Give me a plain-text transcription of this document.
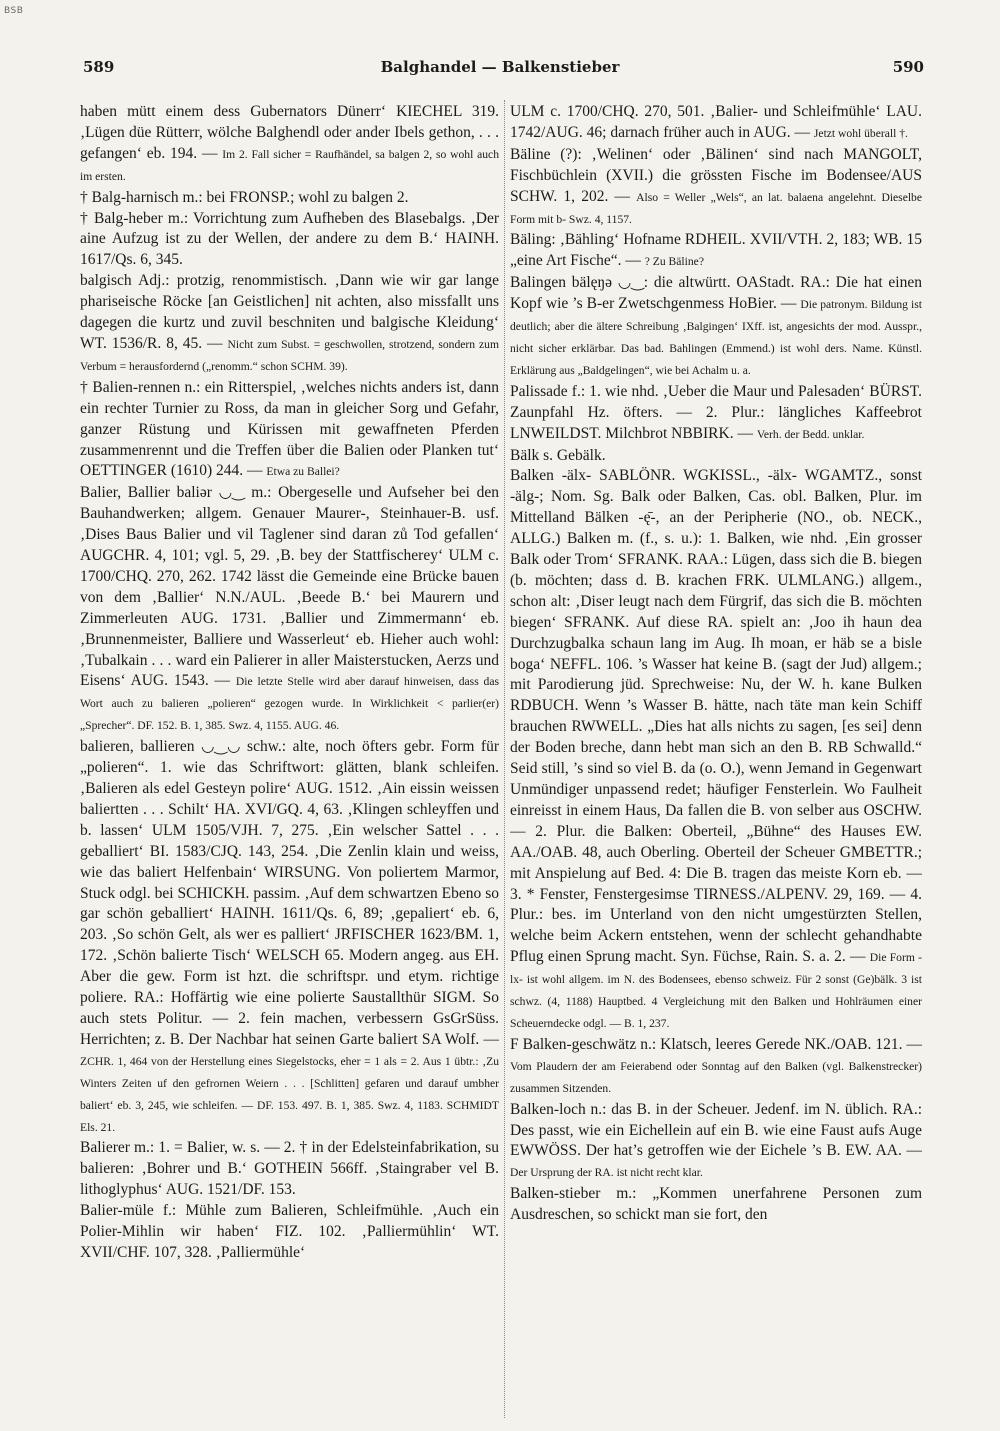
BSB
589	Balghandel — Balkenstieber	590

haben mütt einem dess Gubernators Dünerr‘ KIECHEL 319. ‚Lügen düe Rütterr, wölche Balghendl oder ander Ibels gethon, . . . gefangen‘ eb. 194. — Im 2. Fall sicher = Raufhändel, sa balgen 2, so wohl auch im ersten.

† Balg-harnisch m.: bei FRONSP.; wohl zu balgen 2.

† Balg-heber m.: Vorrichtung zum Aufheben des Blasebalgs. ‚Der aine Aufzug ist zu der Wellen, der andere zu dem B.‘ HAINH. 1617/Qs. 6, 345.

balgisch Adj.: protzig, renommistisch. ‚Dann wie wir gar lange phariseische Röcke [an Geistlichen] nit achten, also missfallt uns dagegen die kurtz und zuvil beschniten und balgische Kleidung‘ WT. 1536/R. 8, 45. — Nicht zum Subst. = geschwollen, strotzend, sondern zum Verbum = herausfordernd („renomm.“ schon SCHM. 39).

† Balien-rennen n.: ein Ritterspiel, ‚welches nichts anders ist, dann ein rechter Turnier zu Ross, da man in gleicher Sorg und Gefahr, ganzer Rüstung und Kürissen mit gewaffneten Pferden zusammenrennt und die Treffen über die Balien oder Planken tut‘ OETTINGER (1610) 244. — Etwa zu Ballei?

Balier, Ballier baliər ◡‿ m.: Obergeselle und Aufseher bei den Bauhandwerken; allgem. Genauer Maurer-, Steinhauer-B. usf. ‚Dises Baus Balier und vil Taglener sind daran zů Tod gefallen‘ AUGCHR. 4, 101; vgl. 5, 29. ‚B. bey der Stattfischerey‘ ULM c. 1700/CHQ. 270, 262. 1742 lässt die Gemeinde eine Brücke bauen von dem ‚Ballier‘ N.N./AUL. ‚Beede B.‘ bei Maurern und Zimmerleuten AUG. 1731. ‚Ballier und Zimmermann‘ eb. ‚Brunnenmeister, Balliere und Wasserleut‘ eb. Hieher auch wohl: ‚Tubalkain . . . ward ein Palierer in aller Maisterstucken, Aerzs und Eisens‘ AUG. 1543. — Die letzte Stelle wird aber darauf hinweisen, dass das Wort auch zu balieren „polieren“ gezogen wurde. In Wirklichkeit < parlier(er) „Sprecher“. DF. 152. B. 1, 385. Swz. 4, 1155. AUG. 46.

balieren, ballieren ◡‿◡ schw.: alte, noch öfters gebr. Form für „polieren“. 1. wie das Schriftwort: glätten, blank schleifen. ‚Balieren als edel Gesteyn polire‘ AUG. 1512. ‚Ain eissin weissen baliertten . . . Schilt‘ HA. XVI/GQ. 4, 63. ‚Klingen schleyffen und b. lassen‘ ULM 1505/VJH. 7, 275. ‚Ein welscher Sattel . . . geballiert‘ BI. 1583/CJQ. 143, 254. ‚Die Zenlin klain und weiss, wie das baliert Helfenbain‘ WIRSUNG. Von poliertem Marmor, Stuck odgl. bei SCHICKH. passim. ‚Auf dem schwartzen Ebeno so gar schön geballiert‘ HAINH. 1611/Qs. 6, 89; ‚gepaliert‘ eb. 6, 203. ‚So schön Gelt, als wer es palliert‘ JRFISCHER 1623/BM. 1, 172. ‚Schön balierte Tisch‘ WELSCH 65. Modern angeg. aus EH. Aber die gew. Form ist hzt. die schriftspr. und etym. richtige poliere. RA.: Hoffärtig wie eine polierte Saustallthür SIGM. So auch stets Politur. — 2. fein machen, verbessern GsGrSüss. Herrichten; z. B. Der Nachbar hat seinen Garte baliert SA Wolf. — ZCHR. 1, 464 von der Herstellung eines Siegelstocks, eher = 1 als = 2. Aus 1 übtr.: ‚Zu Winters Zeiten uf den gefrornen Weiern . . . [Schlitten] gefaren und darauf umbher baliert‘ eb. 3, 245, wie schleifen. — DF. 153. 497. B. 1, 385. Swz. 4, 1183. SCHMIDT Els. 21.

Balierer m.: 1. = Balier, w. s. — 2. † in der Edelsteinfabrikation, su balieren: ‚Bohrer und B.‘ GOTHEIN 566ff. ‚Staingraber vel B. lithoglyphus‘ AUG. 1521/DF. 153.

Balier-müle f.: Mühle zum Balieren, Schleifmühle. ‚Auch ein Polier-Mihlin wir haben‘ FIZ. 102. ‚Palliermühlin‘ WT. XVII/CHF. 107, 328. ‚Palliermühle‘

ULM c. 1700/CHQ. 270, 501. ‚Balier- und Schleifmühle‘ LAU. 1742/AUG. 46; darnach früher auch in AUG. — Jetzt wohl überall †.

Bäline (?): ‚Welinen‘ oder ‚Bälinen‘ sind nach MANGOLT, Fischbüchlein (XVII.) die grössten Fische im Bodensee/AUS SCHW. 1, 202. — Also = Weller „Wels“, an lat. balaena angelehnt. Dieselbe Form mit b- Swz. 4, 1157.

Bäling: ‚Bähling‘ Hofname RDHEIL. XVII/VTH. 2, 183; WB. 15 „eine Art Fische“. — ? Zu Bäline?

Balingen bälęŋə ◡‿: die altwürtt. OAStadt. RA.: Die hat einen Kopf wie ’s B-er Zwetschgenmess HoBier. — Die patronym. Bildung ist deutlich; aber die ältere Schreibung ‚Balgingen‘ IXff. ist, angesichts der mod. Ausspr., nicht sicher erklärbar. Das bad. Bahlingen (Emmend.) ist wohl ders. Name. Künstl. Erklärung aus „Baldgelingen“, wie bei Achalm u. a.

Palissade f.: 1. wie nhd. ‚Ueber die Maur und Palesaden‘ BÜRST. Zaunpfahl Hz. öfters. — 2. Plur.: längliches Kaffeebrot LNWEILDST. Milchbrot NBBIRK. — Verh. der Bedd. unklar.

Bälk s. Gebälk.

Balken -älx- SABLÖNR. WGKISSL., -älx- WGAMTZ., sonst -älg-; Nom. Sg. Balk oder Balken, Cas. obl. Balken, Plur. im Mittelland Bälken -ę̄-, an der Peripherie (NO., ob. NECK., ALLG.) Balken m. (f., s. u.): 1. Balken, wie nhd. ‚Ein grosser Balk oder Trom‘ SFRANK. RAA.: Lügen, dass sich die B. biegen (b. möchten; dass d. B. krachen FRK. ULMLANG.) allgem., schon alt: ‚Diser leugt nach dem Fürgrif, das sich die B. möchten biegen‘ SFRANK. Auf diese RA. spielt an: ‚Joo ih haun dea Durchzugbalka schaun lang im Aug. Ih moan, er häb se a bisle boga‘ NEFFL. 106. ’s Wasser hat keine B. (sagt der Jud) allgem.; mit Parodierung jüd. Sprechweise: Nu, der W. h. kane Bulken RDBUCH. Wenn ’s Wasser B. hätte, nach täte man kein Schiff brauchen RWWELL. „Dies hat alls nichts zu sagen, [es sei] denn der Boden breche, dann hebt man sich an den B. RB Schwalld.“ Seid still, ’s sind so viel B. da (o. O.), wenn Jemand in Gegenwart Unmündiger unpassend redet; häufiger Fensterlein. Wo Faulheit einreisst in einem Haus, Da fallen die B. von selber aus OSCHW. — 2. Plur. die Balken: Oberteil, „Bühne“ des Hauses EW. AA./OAB. 48, auch Oberling. Oberteil der Scheuer GMBETTR.; mit Anspielung auf Bed. 4: Die B. tragen das meiste Korn eb. — 3. * Fenster, Fenstergesimse TIRNESS./ALPENV. 29, 169. — 4. Plur.: bes. im Unterland von den nicht umgestürzten Stellen, welche beim Ackern entstehen, wenn der schlecht gehandhabte Pflug einen Sprung macht. Syn. Füchse, Rain. S. a. 2. — Die Form -lx- ist wohl allgem. im N. des Bodensees, ebenso schweiz. Für 2 sonst (Ge)bälk. 3 ist schwz. (4, 1188) Hauptbed. 4 Vergleichung mit den Balken und Hohlräumen einer Scheuerndecke odgl. — B. 1, 237.

F Balken-geschwätz n.: Klatsch, leeres Gerede NK./OAB. 121. — Vom Plaudern der am Feierabend oder Sonntag auf den Balken (vgl. Balkenstrecker) zusammen Sitzenden.

Balken-loch n.: das B. in der Scheuer. Jedenf. im N. üblich. RA.: Des passt, wie ein Eichellein auf ein B. wie eine Faust aufs Auge EWWÖSS. Der hat’s getroffen wie der Eichele ’s B. EW. AA. — Der Ursprung der RA. ist nicht recht klar.

Balken-stieber m.: „Kommen unerfahrene Personen zum Ausdreschen, so schickt man sie fort, den
